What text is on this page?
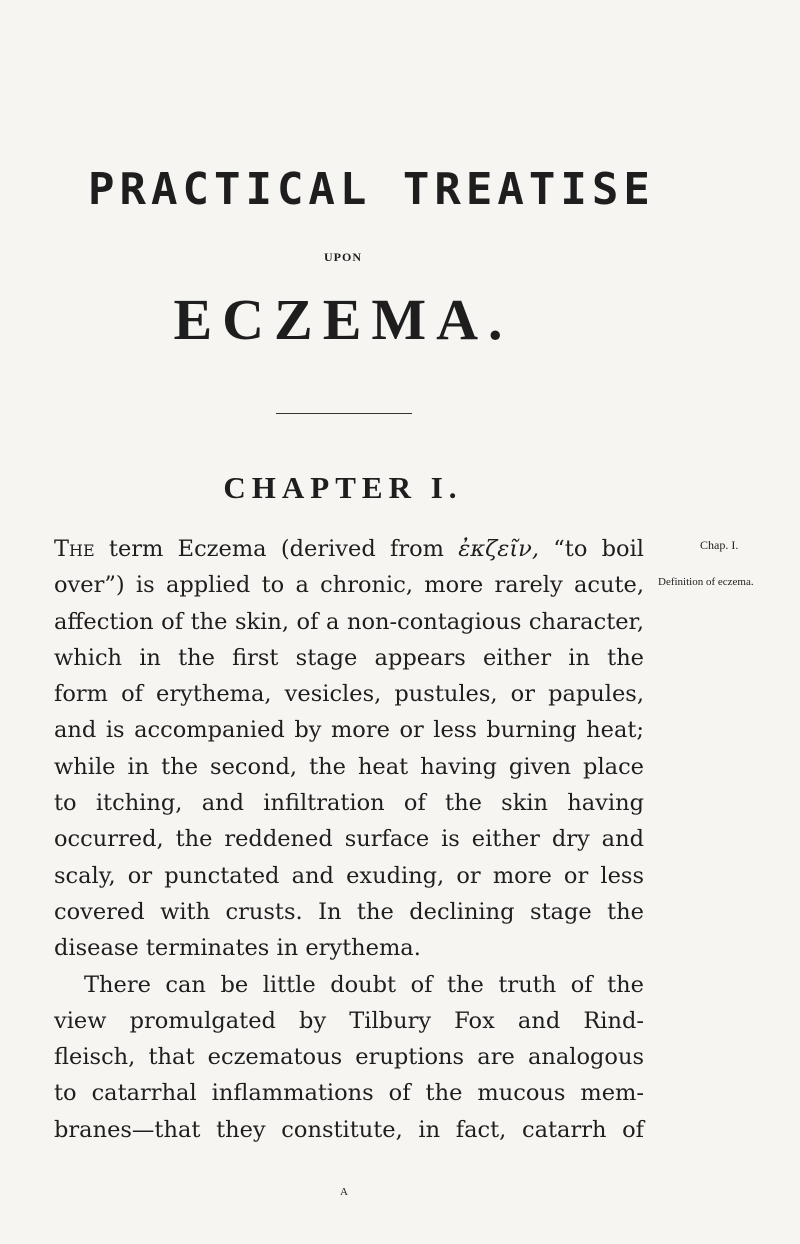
PRACTICAL TREATISE
UPON
ECZEMA.
CHAPTER I.
Chap. I.
Definition of eczema.
The term Eczema (derived from ἐκζεῖν, “to boil
over”) is applied to a chronic, more rarely acute,
affection of the skin, of a non-contagious character,
which in the first stage appears either in the
form of erythema, vesicles, pustules, or papules,
and is accompanied by more or less burning heat;
while in the second, the heat having given place
to itching, and infiltration of the skin having
occurred, the reddened surface is either dry and
scaly, or punctated and exuding, or more or less
covered with crusts. In the declining stage the
disease terminates in erythema.
There can be little doubt of the truth of the
view promulgated by Tilbury Fox and Rind-
fleisch, that eczematous eruptions are analogous
to catarrhal inflammations of the mucous mem-
branes—that they constitute, in fact, catarrh of
A
